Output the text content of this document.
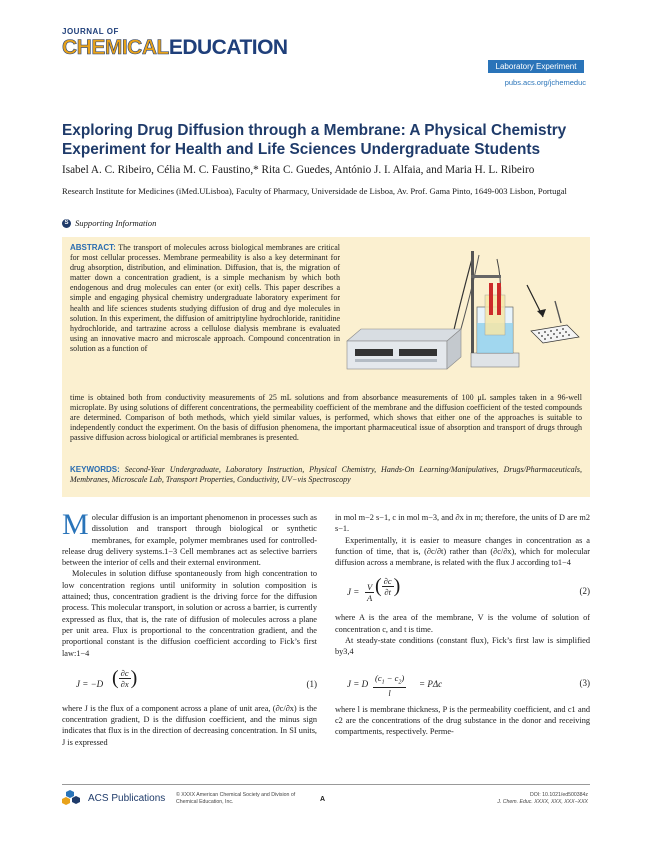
JOURNAL OF
CHEMICALEDUCATION
Laboratory Experiment
pubs.acs.org/jchemeduc
Exploring Drug Diffusion through a Membrane: A Physical Chemistry Experiment for Health and Life Sciences Undergraduate Students
Isabel A. C. Ribeiro, Célia M. C. Faustino,* Rita C. Guedes, António J. I. Alfaia, and Maria H. L. Ribeiro
Research Institute for Medicines (iMed.ULisboa), Faculty of Pharmacy, Universidade de Lisboa, Av. Prof. Gama Pinto, 1649-003 Lisbon, Portugal
S Supporting Information
ABSTRACT: The transport of molecules across biological membranes are critical for most cellular processes. Membrane permeability is also a key determinant for drug absorption, distribution, and elimination. Diffusion, that is, the migration of matter down a concentration gradient, is a simple mechanism by which both endogenous and drug molecules can enter (or exit) cells. This paper describes a simple and engaging physical chemistry undergraduate laboratory experiment for health and life sciences students studying diffusion of drug and dye molecules in solution. In this experiment, the diffusion of amitriptyline hydrochloride, ranitidine hydrochloride, and tartrazine across a cellulose dialysis membrane is evaluated using an innovative macro and microscale approach. Compound concentration in solution as a function of
time is obtained both from conductivity measurements of 25 mL solutions and from absorbance measurements of 100 μL samples taken in a 96-well microplate. By using solutions of different concentrations, the permeability coefficient of the membrane and the diffusion coefficient of the tested compounds are determined. Comparison of both methods, which yield similar values, is performed, which shows that either one of the approaches is suitable to independently conduct the experiment. On the basis of diffusion phenomena, the important pharmaceutical issue of absorption and transport of drugs through passive diffusion across biological or artificial membranes is presented.
KEYWORDS: Second-Year Undergraduate, Laboratory Instruction, Physical Chemistry, Hands-On Learning/Manipulatives, Drugs/Pharmaceuticals, Membranes, Microscale Lab, Transport Properties, Conductivity, UV−vis Spectroscopy

Molecular diffusion is an important phenomenon in processes such as dissolution and transport through biological or synthetic membranes, for example, polymer membranes used for controlled-release drug delivery systems.1−3 Cell membranes act as selective barriers between the interior of cells and their external environment.

Molecules in solution diffuse spontaneously from high concentration to low concentration regions until uniformity in solution composition is attained; thus, concentration gradient is the driving force for the diffusion process. This molecular transport, in solution or across a barrier, is currently expressed as flux, that is, the rate of diffusion of molecules across a plane per unit area. Flux is proportional to the concentration gradient, and the proportional constant is the diffusion coefficient according to Fick’s first law:1−4

J = −D ( $\frac{\partial c}{\partial x}$ )	(1)

where J is the flux of a component across a plane of unit area, (∂c/∂x) is the concentration gradient, D is the diffusion coefficient, and the minus sign indicates that flux is in the direction of decreasing concentration. In SI units, J is expressed

in mol m−2 s−1, c in mol m−3, and ∂x in m; therefore, the units of D are m2 s−1.

Experimentally, it is easier to measure changes in concentration as a function of time, that is, (∂c/∂t) rather than (∂c/∂x), which for molecular diffusion across a membrane, is related with the flux J according to1−4

$J = \frac{V}{A}$ ( $\frac{\partial c}{\partial t}$ )	(2)

where A is the area of the membrane, V is the volume of solution of concentration c, and t is time.

At steady-state conditions (constant flux), Fick’s first law is simplified by3,4

J = D $\frac{(c_1 - c_2)}{l} = P\Delta c$	(3)

where l is membrane thickness, P is the permeability coefficient, and c1 and c2 are the concentrations of the drug substance in the donor and receiving compartments, respectively. Perme-

ACS Publications © XXXX American Chemical Society and Division of Chemical Education, Inc.	A
DOI: 10.1021/ed500384z
J. Chem. Educ. XXXX, XXX, XXX−XXX
